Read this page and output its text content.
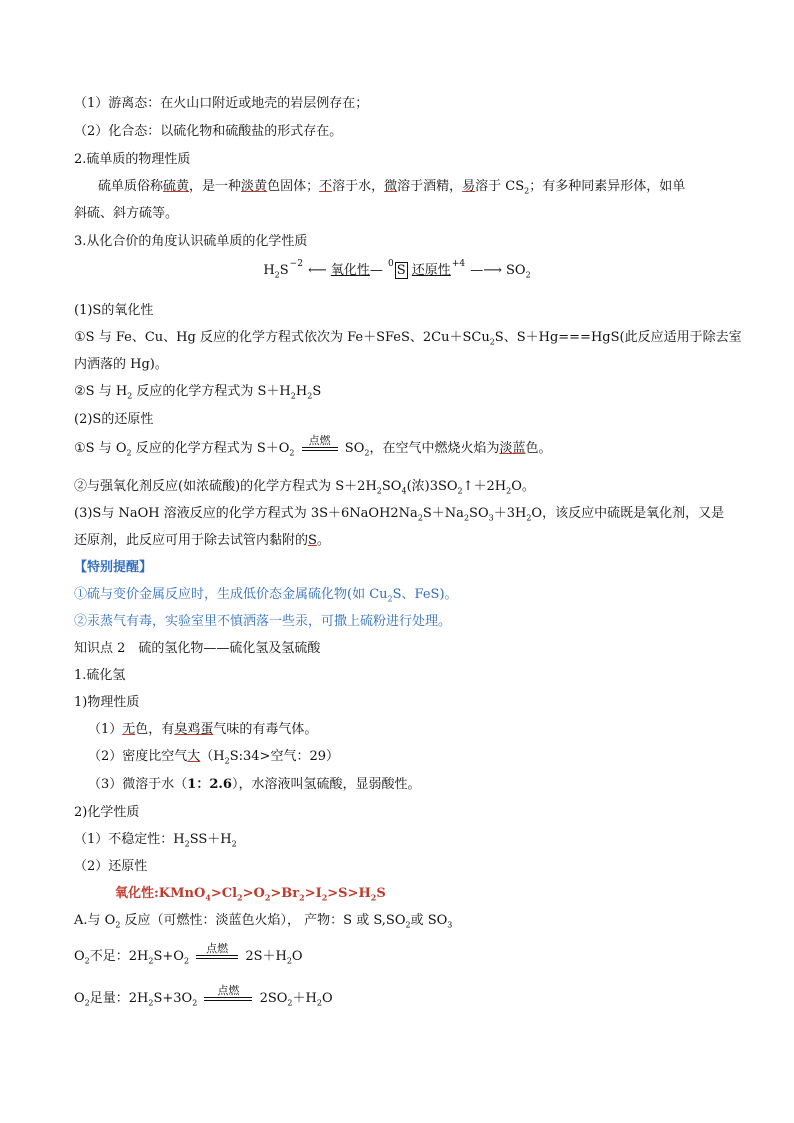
（1）游离态：在火山口附近或地壳的岩层例存在；
（2）化合态：以硫化物和硫酸盐的形式存在。
2.硫单质的物理性质
硫单质俗称硫黄，是一种淡黄色固体；不溶于水，微溶于酒精，易溶于 $CS_2$；有多种同素异形体，如单
斜硫、斜方硫等。
3.从化合价的角度认识硫单质的化学性质
$H_2S^{-2}$ ⟵ 氧化性— $^0$ S 还原性$^{+4}$ —⟶ $SO_2$
(1)S的氧化性
①S 与 Fe、Cu、Hg 反应的化学方程式依次为 Fe＋SFeS、2Cu＋SCu$_2$S、S＋Hg===HgS(此反应适用于除去室
内洒落的 Hg)。
②S 与 $H_2$ 反应的化学方程式为 $S+H_2H_2S$
(2)S的还原性
①S 与 $O_2$ 反应的化学方程式为 $S+O_2$
点燃
$SO_2$，在空气中燃烧火焰为淡蓝色。
②与强氧化剂反应(如浓硫酸)的化学方程式为 $S+2H_2SO_4$(浓)$3SO_2↑+2H_2O$。
(3)S与 NaOH 溶液反应的化学方程式为 $3S+6NaOH2Na_2S+Na_2SO_3+3H_2O$，该反应中硫既是氧化剂，又是
还原剂，此反应可用于除去试管内黏附的S。
【特别提醒】
①硫与变价金属反应时，生成低价态金属硫化物(如 $Cu_2S$、FeS)。
②汞蒸气有毒，实验室里不慎洒落一些汞，可撒上硫粉进行处理。
知识点 2　硫的氢化物——硫化氢及氢硫酸
1.硫化氢
1)物理性质
（1）无色，有臭鸡蛋气味的有毒气体。
（2）密度比空气大（$H_2S:34>$空气：29）
（3）微溶于水（1：2.6），水溶液叫氢硫酸，显弱酸性。
2)化学性质
（1）不稳定性：$H_2SS+H_2$
（2）还原性
氧化性$:KMnO_4>Cl_2>O_2>Br_2>I_2>S>H_2S$
A.与 $O_2$ 反应（可燃性：淡蓝色火焰）， 产物：S 或 $S,SO_2$或 $SO_3$
$O_2$不足：$2H_2S+O_2$
点燃
$2S+H_2O$
$O_2$足量：$2H_2S+3O_2$
点燃
$2SO_2+H_2O$
